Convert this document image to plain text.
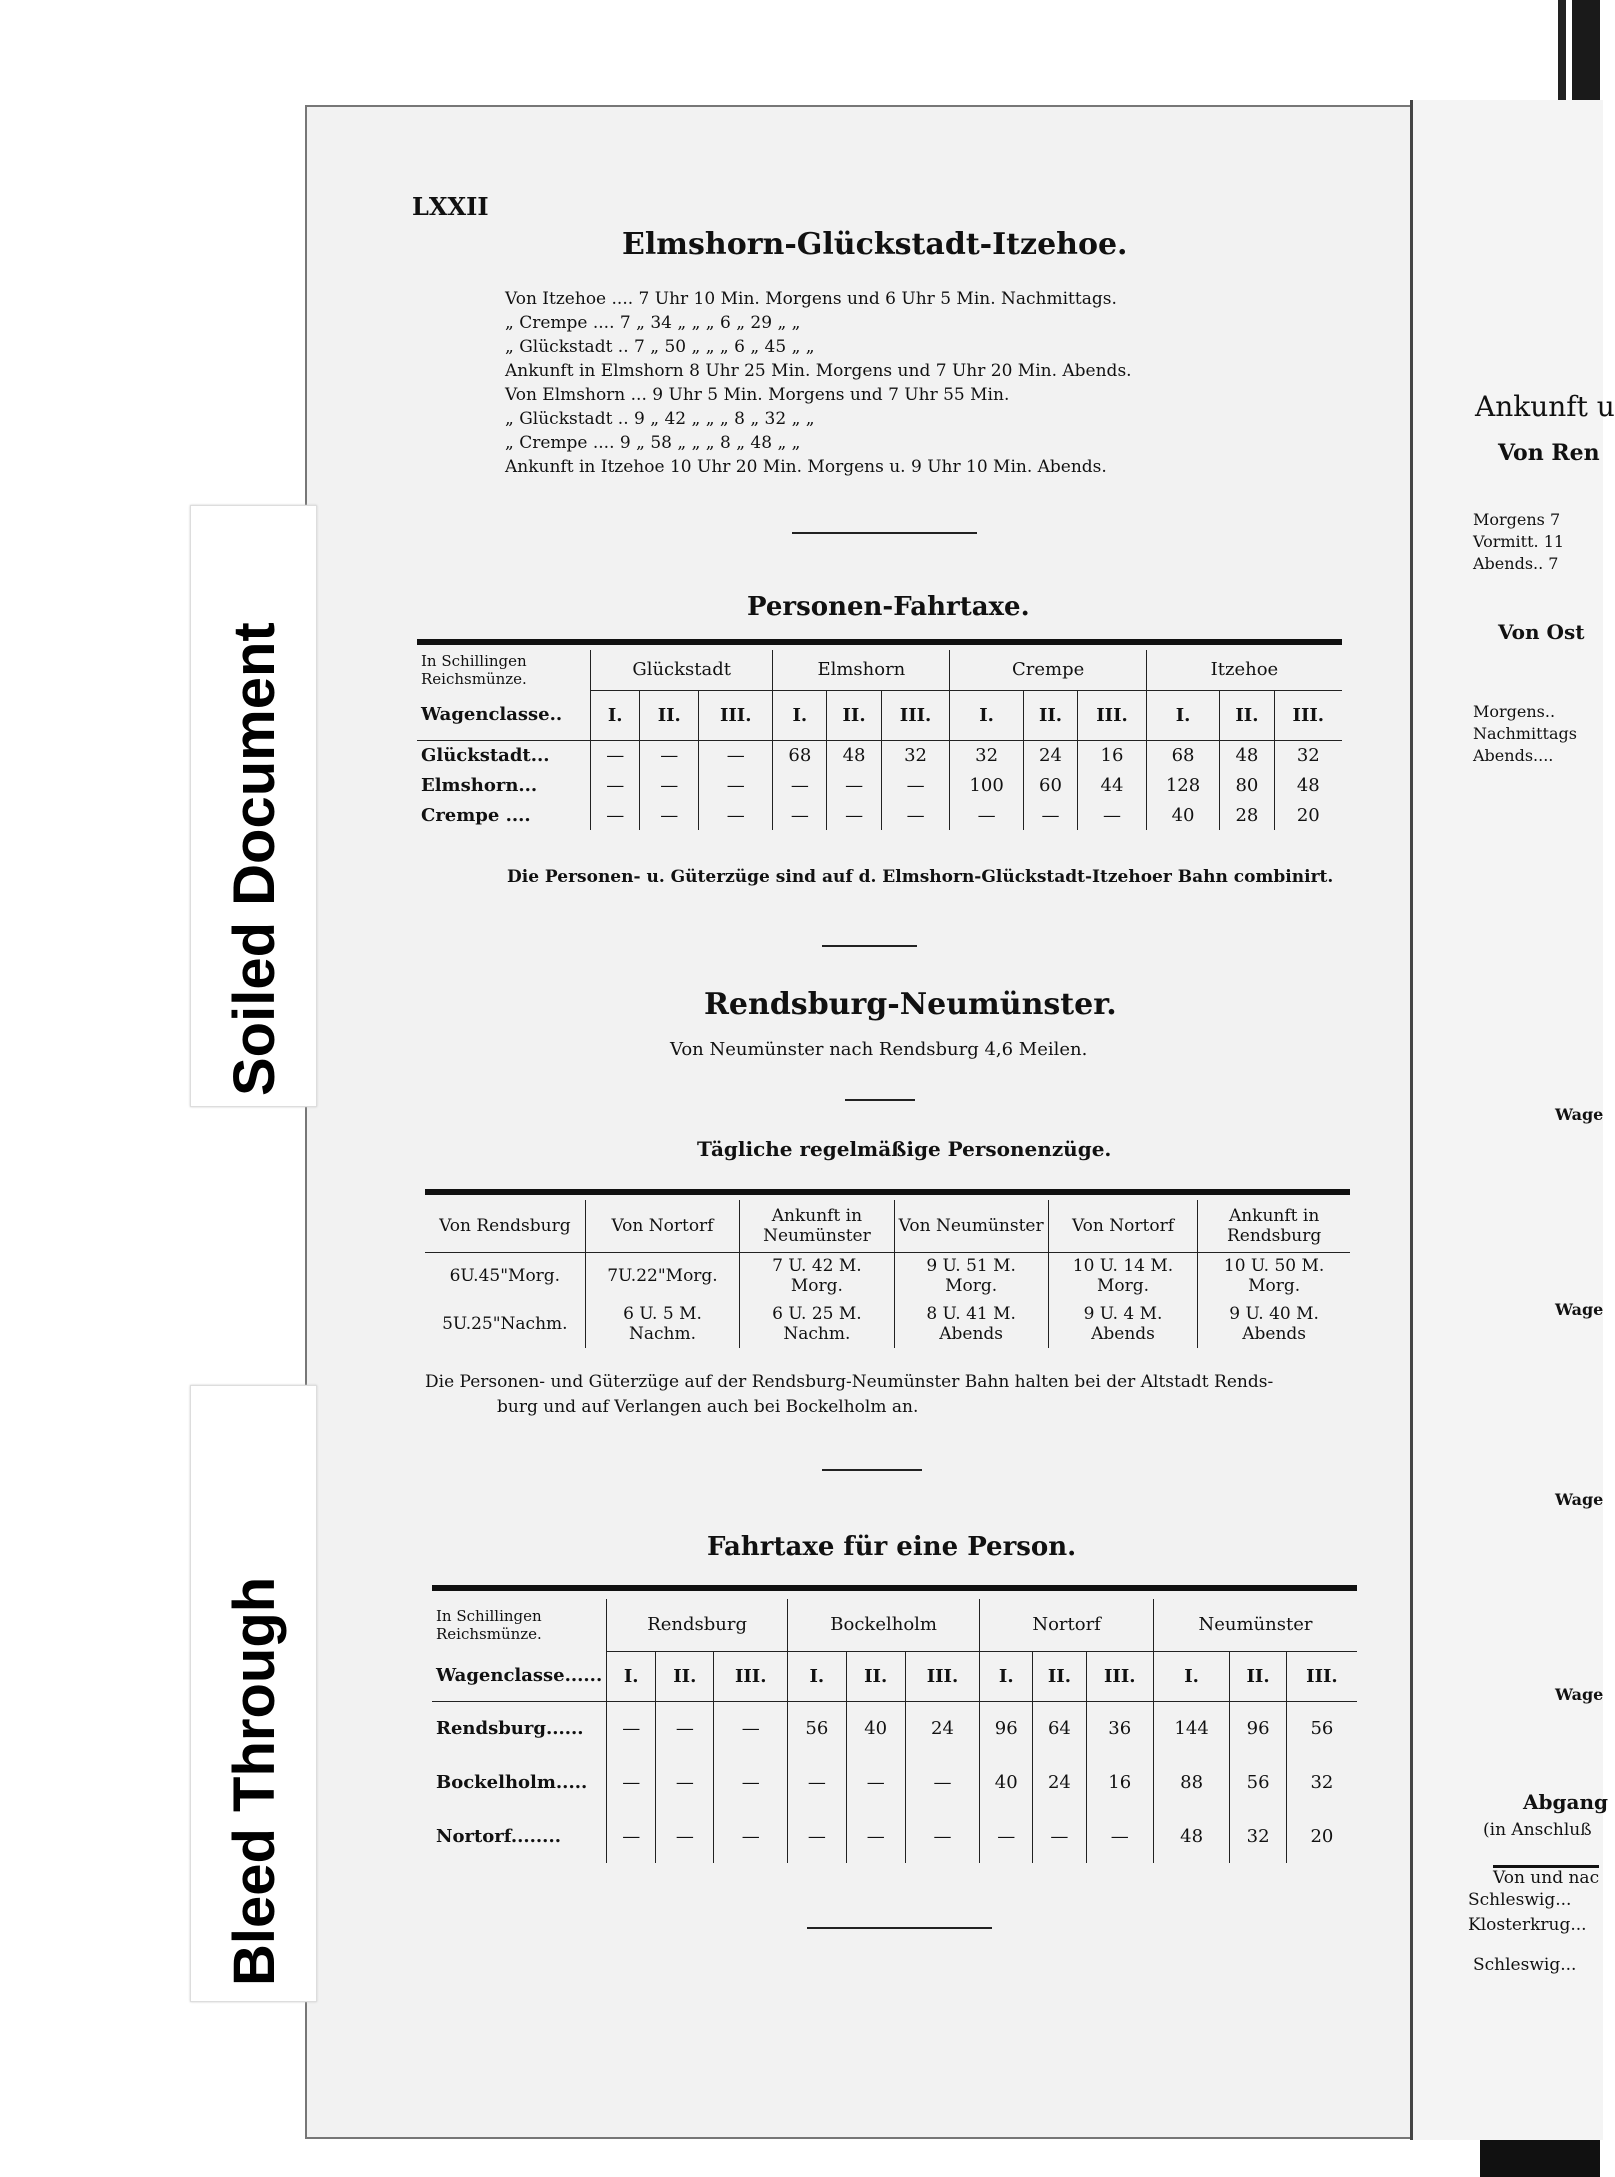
LXXII
Elmshorn-Glückstadt-Itzehoe.
Von Itzehoe .... 7 Uhr 10 Min. Morgens und 6 Uhr 5 Min. Nachmittags.
„ Crempe .... 7 „ 34 „ „ „ 6 „ 29 „ „
„ Glückstadt .. 7 „ 50 „ „ „ 6 „ 45 „ „
Ankunft in Elmshorn 8 Uhr 25 Min. Morgens und 7 Uhr 20 Min. Abends.
Von Elmshorn ... 9 Uhr 5 Min. Morgens und 7 Uhr 55 Min.
„ Glückstadt .. 9 „ 42 „ „ „ 8 „ 32 „ „
„ Crempe .... 9 „ 58 „ „ „ 8 „ 48 „ „
Ankunft in Itzehoe 10 Uhr 20 Min. Morgens u. 9 Uhr 10 Min. Abends.
Personen-Fahrtaxe.
In Schillingen Reichsmünze.	Glückstadt			Elmshorn			Crempe			Itzehoe		
Wagenclasse..	I.	II.	III.	I.	II.	III.	I.	II.	III.	I.	II.	III.
Glückstadt...	—	—	—	68	48	32	32	24	16	68	48	32
Elmshorn...	—	—	—	—	—	—	100	60	44	128	80	48
Crempe ....	—	—	—	—	—	—	—	—	—	40	28	20
Die Personen- u. Güterzüge sind auf d. Elmshorn-Glückstadt-Itzehoer Bahn combinirt.
Rendsburg-Neumünster.
Von Neumünster nach Rendsburg 4,6 Meilen.
Tägliche regelmäßige Personenzüge.
Von Rendsburg	Von Nortorf	Ankunft in Neumünster	Von Neumünster	Von Nortorf	Ankunft in Rendsburg
6U.45"Morg.	7U.22"Morg.	7 U. 42 M. Morg.	9 U. 51 M. Morg.	10 U. 14 M. Morg.	10 U. 50 M. Morg.
5U.25"Nachm.	6 U. 5 M. Nachm.	6 U. 25 M. Nachm.	8 U. 41 M. Abends	9 U. 4 M. Abends	9 U. 40 M. Abends
Die Personen- und Güterzüge auf der Rendsburg-Neumünster Bahn halten bei der Altstadt Rends-
burg und auf Verlangen auch bei Bockelholm an.
Fahrtaxe für eine Person.
In Schillingen Reichsmünze.	Rendsburg			Bockelholm			Nortorf			Neumünster		
Wagenclasse......	I.	II.	III.	I.	II.	III.	I.	II.	III.	I.	II.	III.
Rendsburg......	—	—	—	56	40	24	96	64	36	144	96	56
Bockelholm.....	—	—	—	—	—	—	40	24	16	88	56	32
Nortorf........	—	—	—	—	—	—	—	—	—	48	32	20
Ankunft u
Von Ren
Morgens 7
Vormitt. 11
Abends.. 7
Von Ost
Morgens..
Nachmittags
Abends....
Wage
Wage
Wage
Wage
Abgang
(in Anschluß
Von und nac
Schleswig...
Klosterkrug...
Schleswig...
Soiled Document
Bleed Through
